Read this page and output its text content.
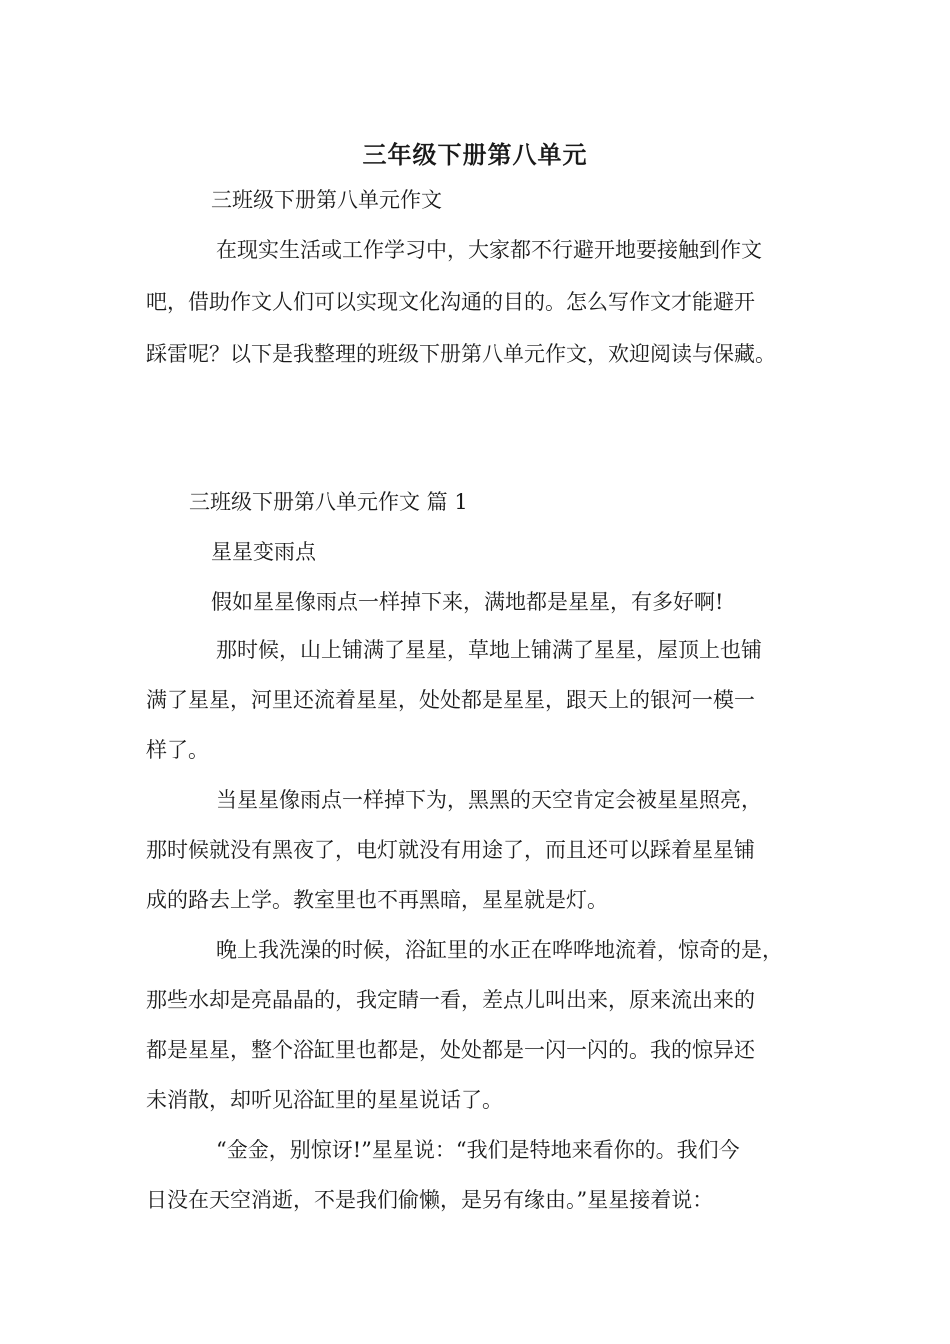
三年级下册第八单元

三班级下册第八单元作文

在现实生活或工作学习中，大家都不行避开地要接触到作文

吧，借助作文人们可以实现文化沟通的目的。怎么写作文才能避开

踩雷呢？以下是我整理的班级下册第八单元作文，欢迎阅读与保藏。

三班级下册第八单元作文 篇 1

星星变雨点

假如星星像雨点一样掉下来，满地都是星星，有多好啊!

那时候，山上铺满了星星，草地上铺满了星星，屋顶上也铺

满了星星，河里还流着星星，处处都是星星，跟天上的银河一模一

样了。

当星星像雨点一样掉下为，黑黑的天空肯定会被星星照亮，

那时候就没有黑夜了，电灯就没有用途了，而且还可以踩着星星铺

成的路去上学。教室里也不再黑暗，星星就是灯。

晚上我洗澡的时候，浴缸里的水正在哗哗地流着，惊奇的是，

那些水却是亮晶晶的，我定睛一看，差点儿叫出来，原来流出来的

都是星星，整个浴缸里也都是，处处都是一闪一闪的。我的惊异还

未消散，却听见浴缸里的星星说话了。

“金金，别惊讶!”星星说：“我们是特地来看你的。我们今

日没在天空消逝，不是我们偷懒，是另有缘由。”星星接着说：
